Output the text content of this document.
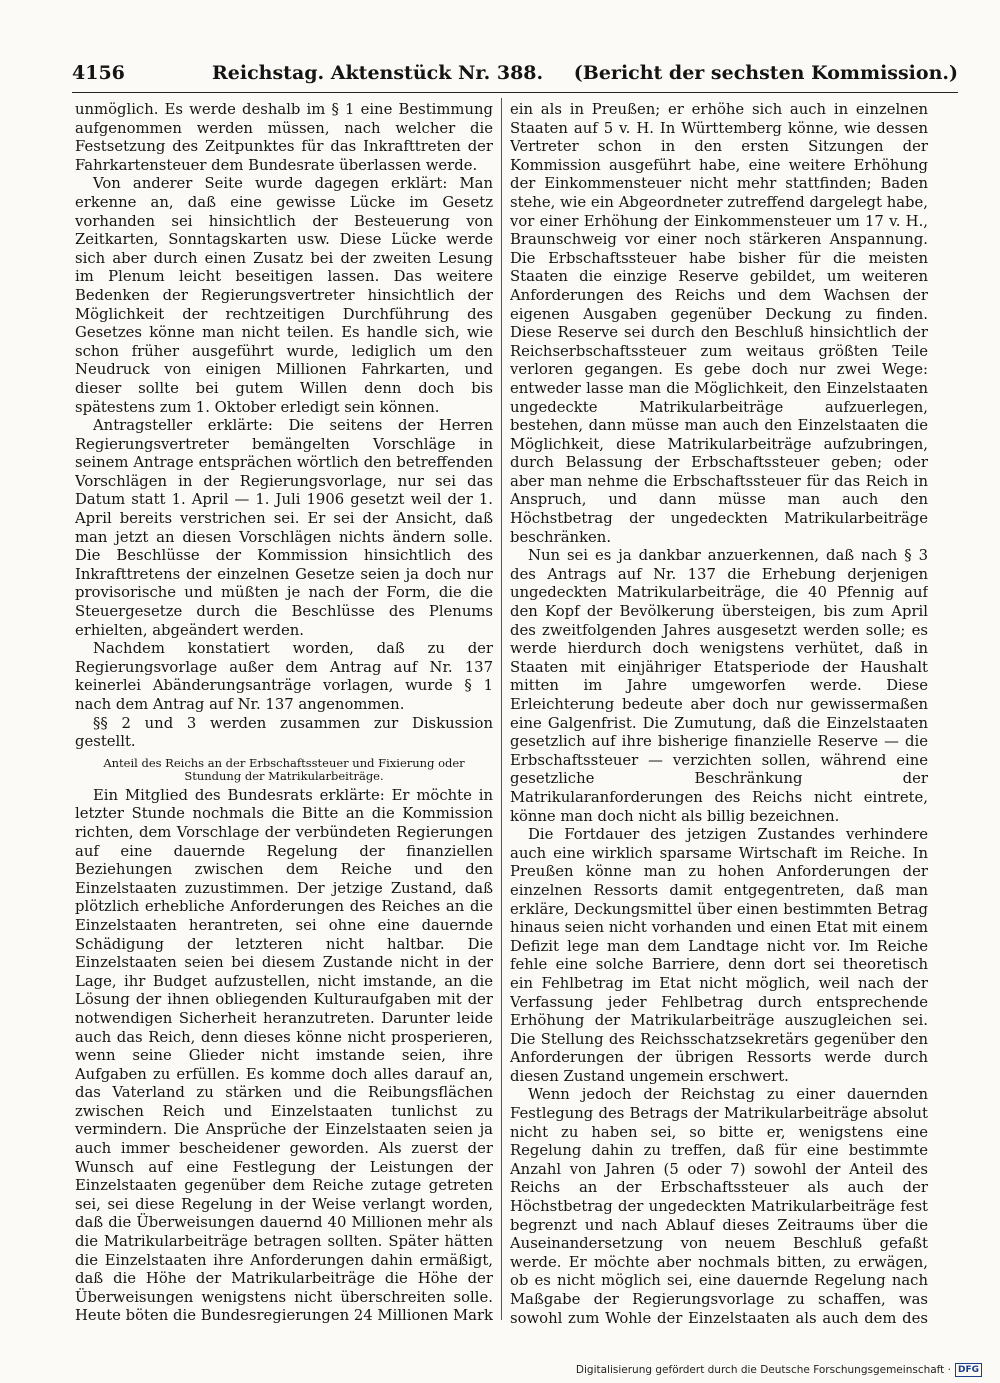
4156	Reichstag. Aktenstück Nr. 388. (Bericht der sechsten Kommission.)

unmöglich. Es werde deshalb im § 1 eine Bestimmung aufgenommen werden müssen, nach welcher die Festsetzung des Zeitpunktes für das Inkrafttreten der Fahrkartensteuer dem Bundesrate überlassen werde.

Von anderer Seite wurde dagegen erklärt: Man erkenne an, daß eine gewisse Lücke im Gesetz vorhanden sei hinsichtlich der Besteuerung von Zeitkarten, Sonntagskarten usw. Diese Lücke werde sich aber durch einen Zusatz bei der zweiten Lesung im Plenum leicht beseitigen lassen. Das weitere Bedenken der Regierungsvertreter hinsichtlich der Möglichkeit der rechtzeitigen Durchführung des Gesetzes könne man nicht teilen. Es handle sich, wie schon früher ausgeführt wurde, lediglich um den Neudruck von einigen Millionen Fahrkarten, und dieser sollte bei gutem Willen denn doch bis spätestens zum 1. Oktober erledigt sein können.

Antragsteller erklärte: Die seitens der Herren Regierungsvertreter bemängelten Vorschläge in seinem Antrage entsprächen wörtlich den betreffenden Vorschlägen in der Regierungsvorlage, nur sei das Datum statt 1. April — 1. Juli 1906 gesetzt weil der 1. April bereits verstrichen sei. Er sei der Ansicht, daß man jetzt an diesen Vorschlägen nichts ändern solle. Die Beschlüsse der Kommission hinsichtlich des Inkrafttretens der einzelnen Gesetze seien ja doch nur provisorische und müßten je nach der Form, die die Steuergesetze durch die Beschlüsse des Plenums erhielten, abgeändert werden.

Nachdem konstatiert worden, daß zu der Regierungsvorlage außer dem Antrag auf Nr. 137 keinerlei Abänderungsanträge vorlagen, wurde § 1 nach dem Antrag auf Nr. 137 angenommen.

§§ 2 und 3 werden zusammen zur Diskussion gestellt.

Anteil des Reichs an der Erbschaftssteuer und Fixierung oder Stundung der Matrikularbeiträge.

Ein Mitglied des Bundesrats erklärte: Er möchte in letzter Stunde nochmals die Bitte an die Kommission richten, dem Vorschlage der verbündeten Regierungen auf eine dauernde Regelung der finanziellen Beziehungen zwischen dem Reiche und den Einzelstaaten zuzustimmen. Der jetzige Zustand, daß plötzlich erhebliche Anforderungen des Reiches an die Einzelstaaten herantreten, sei ohne eine dauernde Schädigung der letzteren nicht haltbar. Die Einzelstaaten seien bei diesem Zustande nicht in der Lage, ihr Budget aufzustellen, nicht imstande, an die Lösung der ihnen obliegenden Kulturaufgaben mit der notwendigen Sicherheit heranzutreten. Darunter leide auch das Reich, denn dieses könne nicht prosperieren, wenn seine Glieder nicht imstande seien, ihre Aufgaben zu erfüllen. Es komme doch alles darauf an, das Vaterland zu stärken und die Reibungsflächen zwischen Reich und Einzelstaaten tunlichst zu vermindern. Die Ansprüche der Einzelstaaten seien ja auch immer bescheidener geworden. Als zuerst der Wunsch auf eine Festlegung der Leistungen der Einzelstaaten gegenüber dem Reiche zutage getreten sei, sei diese Regelung in der Weise verlangt worden, daß die Überweisungen dauernd 40 Millionen mehr als die Matrikularbeiträge betragen sollten. Später hätten die Einzelstaaten ihre Anforderungen dahin ermäßigt, daß die Höhe der Matrikularbeiträge die Höhe der Überweisungen wenigstens nicht überschreiten solle. Heute böten die Bundesregierungen 24 Millionen Mark

ein als in Preußen; er erhöhe sich auch in einzelnen Staaten auf 5 v. H. In Württemberg könne, wie dessen Vertreter schon in den ersten Sitzungen der Kommission ausgeführt habe, eine weitere Erhöhung der Einkommensteuer nicht mehr stattfinden; Baden stehe, wie ein Abgeordneter zutreffend dargelegt habe, vor einer Erhöhung der Einkommensteuer um 17 v. H., Braunschweig vor einer noch stärkeren Anspannung. Die Erbschaftssteuer habe bisher für die meisten Staaten die einzige Reserve gebildet, um weiteren Anforderungen des Reichs und dem Wachsen der eigenen Ausgaben gegenüber Deckung zu finden. Diese Reserve sei durch den Beschluß hinsichtlich der Reichserbschaftssteuer zum weitaus größten Teile verloren gegangen. Es gebe doch nur zwei Wege: entweder lasse man die Möglichkeit, den Einzelstaaten ungedeckte Matrikularbeiträge aufzuerlegen, bestehen, dann müsse man auch den Einzelstaaten die Möglichkeit, diese Matrikularbeiträge aufzubringen, durch Belassung der Erbschaftssteuer geben; oder aber man nehme die Erbschaftssteuer für das Reich in Anspruch, und dann müsse man auch den Höchstbetrag der ungedeckten Matrikularbeiträge beschränken.

Nun sei es ja dankbar anzuerkennen, daß nach § 3 des Antrags auf Nr. 137 die Erhebung derjenigen ungedeckten Matrikularbeiträge, die 40 Pfennig auf den Kopf der Bevölkerung übersteigen, bis zum April des zweitfolgenden Jahres ausgesetzt werden solle; es werde hierdurch doch wenigstens verhütet, daß in Staaten mit einjähriger Etatsperiode der Haushalt mitten im Jahre umgeworfen werde. Diese Erleichterung bedeute aber doch nur gewissermaßen eine Galgenfrist. Die Zumutung, daß die Einzelstaaten gesetzlich auf ihre bisherige finanzielle Reserve — die Erbschaftssteuer — verzichten sollen, während eine gesetzliche Beschränkung der Matrikularanforderungen des Reichs nicht eintrete, könne man doch nicht als billig bezeichnen.

Die Fortdauer des jetzigen Zustandes verhindere auch eine wirklich sparsame Wirtschaft im Reiche. In Preußen könne man zu hohen Anforderungen der einzelnen Ressorts damit entgegentreten, daß man erkläre, Deckungsmittel über einen bestimmten Betrag hinaus seien nicht vorhanden und einen Etat mit einem Defizit lege man dem Landtage nicht vor. Im Reiche fehle eine solche Barriere, denn dort sei theoretisch ein Fehlbetrag im Etat nicht möglich, weil nach der Verfassung jeder Fehlbetrag durch entsprechende Erhöhung der Matrikularbeiträge auszugleichen sei. Die Stellung des Reichsschatzsekretärs gegenüber den Anforderungen der übrigen Ressorts werde durch diesen Zustand ungemein erschwert.

Wenn jedoch der Reichstag zu einer dauernden Festlegung des Betrags der Matrikularbeiträge absolut nicht zu haben sei, so bitte er, wenigstens eine Regelung dahin zu treffen, daß für eine bestimmte Anzahl von Jahren (5 oder 7) sowohl der Anteil des Reichs an der Erbschaftssteuer als auch der Höchstbetrag der ungedeckten Matrikularbeiträge fest begrenzt und nach Ablauf dieses Zeitraums über die Auseinandersetzung von neuem Beschluß gefaßt werde. Er möchte aber nochmals bitten, zu erwägen, ob es nicht möglich sei, eine dauernde Regelung nach Maßgabe der Regierungsvorlage zu schaffen, was sowohl zum Wohle der Einzelstaaten als auch dem des

Digitalisierung gefördert durch die Deutsche Forschungsgemeinschaft · DFG
